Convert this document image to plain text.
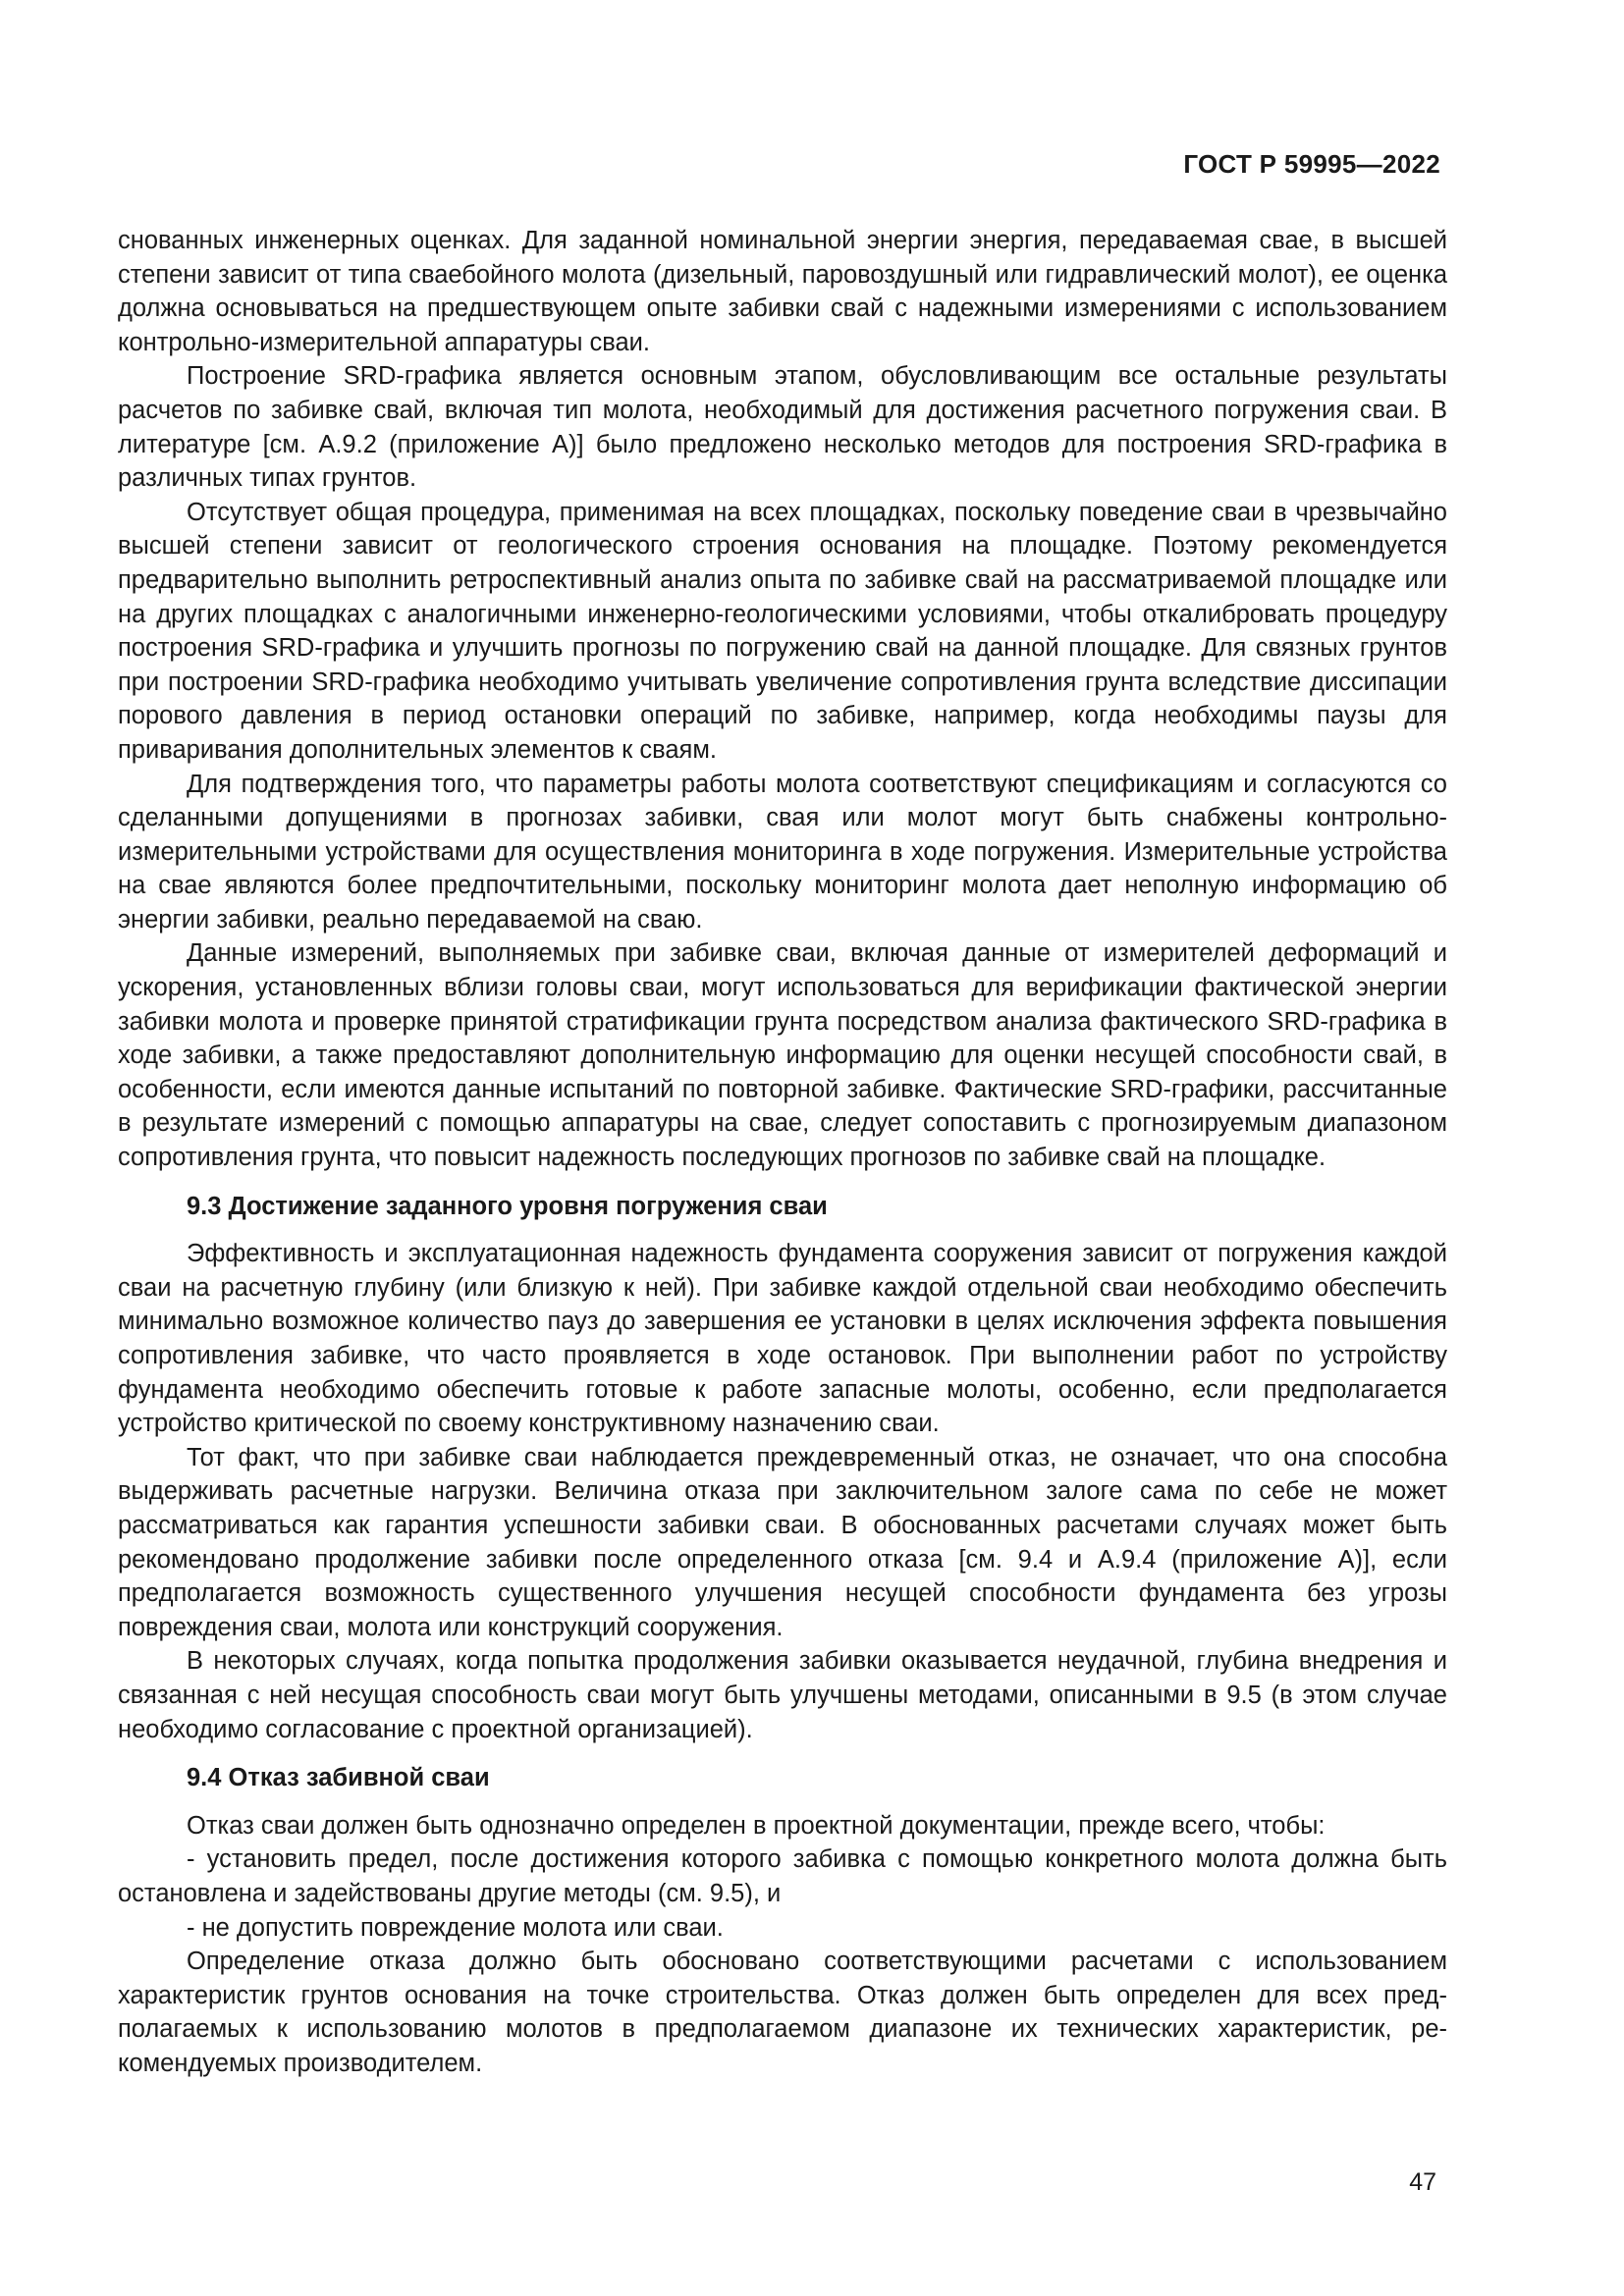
ГОСТ Р 59995—2022

снованных инженерных оценках. Для заданной номинальной энергии энергия, передаваемая свае, в высшей степени зависит от типа сваебойного молота (дизельный, паровоздушный или гидравлический молот), ее оценка должна основываться на предшествующем опыте забивки свай с надежными измерениями с использованием контрольно-измерительной аппаратуры сваи.

Построение SRD-графика является основным этапом, обусловливающим все остальные результаты расчетов по забивке свай, включая тип молота, необходимый для достижения расчетного погружения сваи. В литературе [см. А.9.2 (приложение А)] было предложено несколько методов для построения SRD-графика в различных типах грунтов.

Отсутствует общая процедура, применимая на всех площадках, поскольку поведение сваи в чрезвычайно высшей степени зависит от геологического строения основания на площадке. Поэтому рекомендуется предварительно выполнить ретроспективный анализ опыта по забивке свай на рассматриваемой площадке или на других площадках с аналогичными инженерно-геологическими условиями, чтобы откалибровать процедуру построения SRD-графика и улучшить прогнозы по погружению свай на данной площадке. Для связных грунтов при построении SRD-графика необходимо учитывать увеличение сопротивления грунта вследствие диссипации порового давления в период остановки операций по забивке, например, когда необходимы паузы для приваривания дополнительных элементов к сваям.

Для подтверждения того, что параметры работы молота соответствуют спецификациям и согласуются со сделанными допущениями в прогнозах забивки, свая или молот могут быть снабжены контрольно-измерительными устройствами для осуществления мониторинга в ходе погружения. Измерительные устройства на свае являются более предпочтительными, поскольку мониторинг молота дает неполную информацию об энергии забивки, реально передаваемой на сваю.

Данные измерений, выполняемых при забивке сваи, включая данные от измерителей деформаций и ускорения, установленных вблизи головы сваи, могут использоваться для верификации фактической энергии забивки молота и проверке принятой стратификации грунта посредством анализа фактического SRD-графика в ходе забивки, а также предоставляют дополнительную информацию для оценки несущей способности свай, в особенности, если имеются данные испытаний по повторной забивке. Фактические SRD-графики, рассчитанные в результате измерений с помощью аппаратуры на свае, следует сопоставить с прогнозируемым диапазоном сопротивления грунта, что повысит надежность последующих прогнозов по забивке свай на площадке.

9.3 Достижение заданного уровня погружения сваи

Эффективность и эксплуатационная надежность фундамента сооружения зависит от погружения каждой сваи на расчетную глубину (или близкую к ней). При забивке каждой отдельной сваи необходимо обеспечить минимально возможное количество пауз до завершения ее установки в целях исключения эффекта повышения сопротивления забивке, что часто проявляется в ходе остановок. При выполнении работ по устройству фундамента необходимо обеспечить готовые к работе запасные молоты, особенно, если предполагается устройство критической по своему конструктивному назначению сваи.

Тот факт, что при забивке сваи наблюдается преждевременный отказ, не означает, что она способна выдерживать расчетные нагрузки. Величина отказа при заключительном залоге сама по себе не может рассматриваться как гарантия успешности забивки сваи. В обоснованных расчетами случаях может быть рекомендовано продолжение забивки после определенного отказа [см. 9.4 и А.9.4 (приложение А)], если предполагается возможность существенного улучшения несущей способности фундамента без угрозы повреждения сваи, молота или конструкций сооружения.

В некоторых случаях, когда попытка продолжения забивки оказывается неудачной, глубина внедрения и связанная с ней несущая способность сваи могут быть улучшены методами, описанными в 9.5 (в этом случае необходимо согласование с проектной организацией).

9.4 Отказ забивной сваи

Отказ сваи должен быть однозначно определен в проектной документации, прежде всего, чтобы:

- установить предел, после достижения которого забивка с помощью конкретного молота должна быть остановлена и задействованы другие методы (см. 9.5), и

- не допустить повреждение молота или сваи.

Определение отказа должно быть обосновано соответствующими расчетами с использованием характеристик грунтов основания на точке строительства. Отказ должен быть определен для всех предполагаемых к использованию молотов в предполагаемом диапазоне их технических характеристик, рекомендуемых производителем.

47
